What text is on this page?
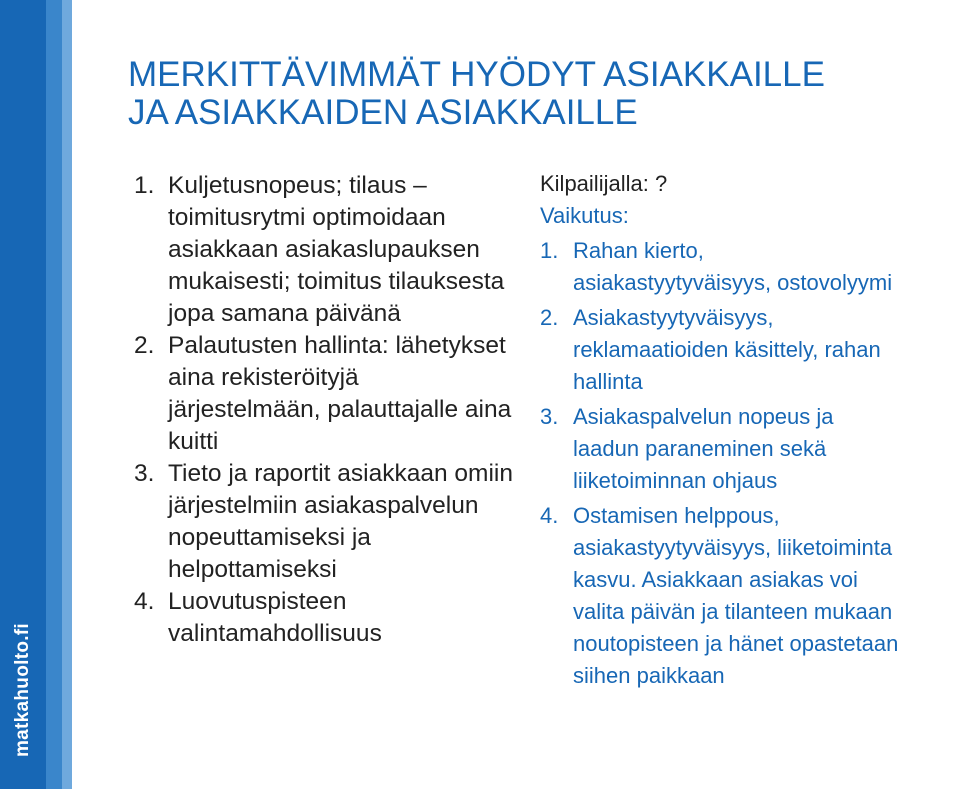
matkahuolto.fi
MERKITTÄVIMMÄT HYÖDYT ASIAKKAILLE
JA ASIAKKAIDEN ASIAKKAILLE
1. Kuljetusnopeus; tilaus – toimitusrytmi optimoidaan asiakkaan asiakaslupauksen mukaisesti; toimitus tilauksesta jopa samana päivänä
2. Palautusten hallinta: lähetykset aina rekisteröityjä järjestelmään, palauttajalle aina kuitti
3. Tieto ja raportit asiakkaan omiin järjestelmiin asiakaspalvelun nopeuttamiseksi ja helpottamiseksi
4. Luovutuspisteen valintamahdollisuus
Kilpailijalla: ?
Vaikutus:
1. Rahan kierto,
asiakastyytyväisyys, ostovolyymi
2. Asiakastyytyväisyys,
reklamaatioiden käsittely, rahan
hallinta
3. Asiakaspalvelun nopeus ja
laadun paraneminen sekä
liiketoiminnan ohjaus
4. Ostamisen helppous,
asiakastyytyväisyys, liiketoiminta
kasvu. Asiakkaan asiakas voi
valita päivän ja tilanteen mukaan
noutopisteen ja hänet opastetaan
siihen paikkaan
